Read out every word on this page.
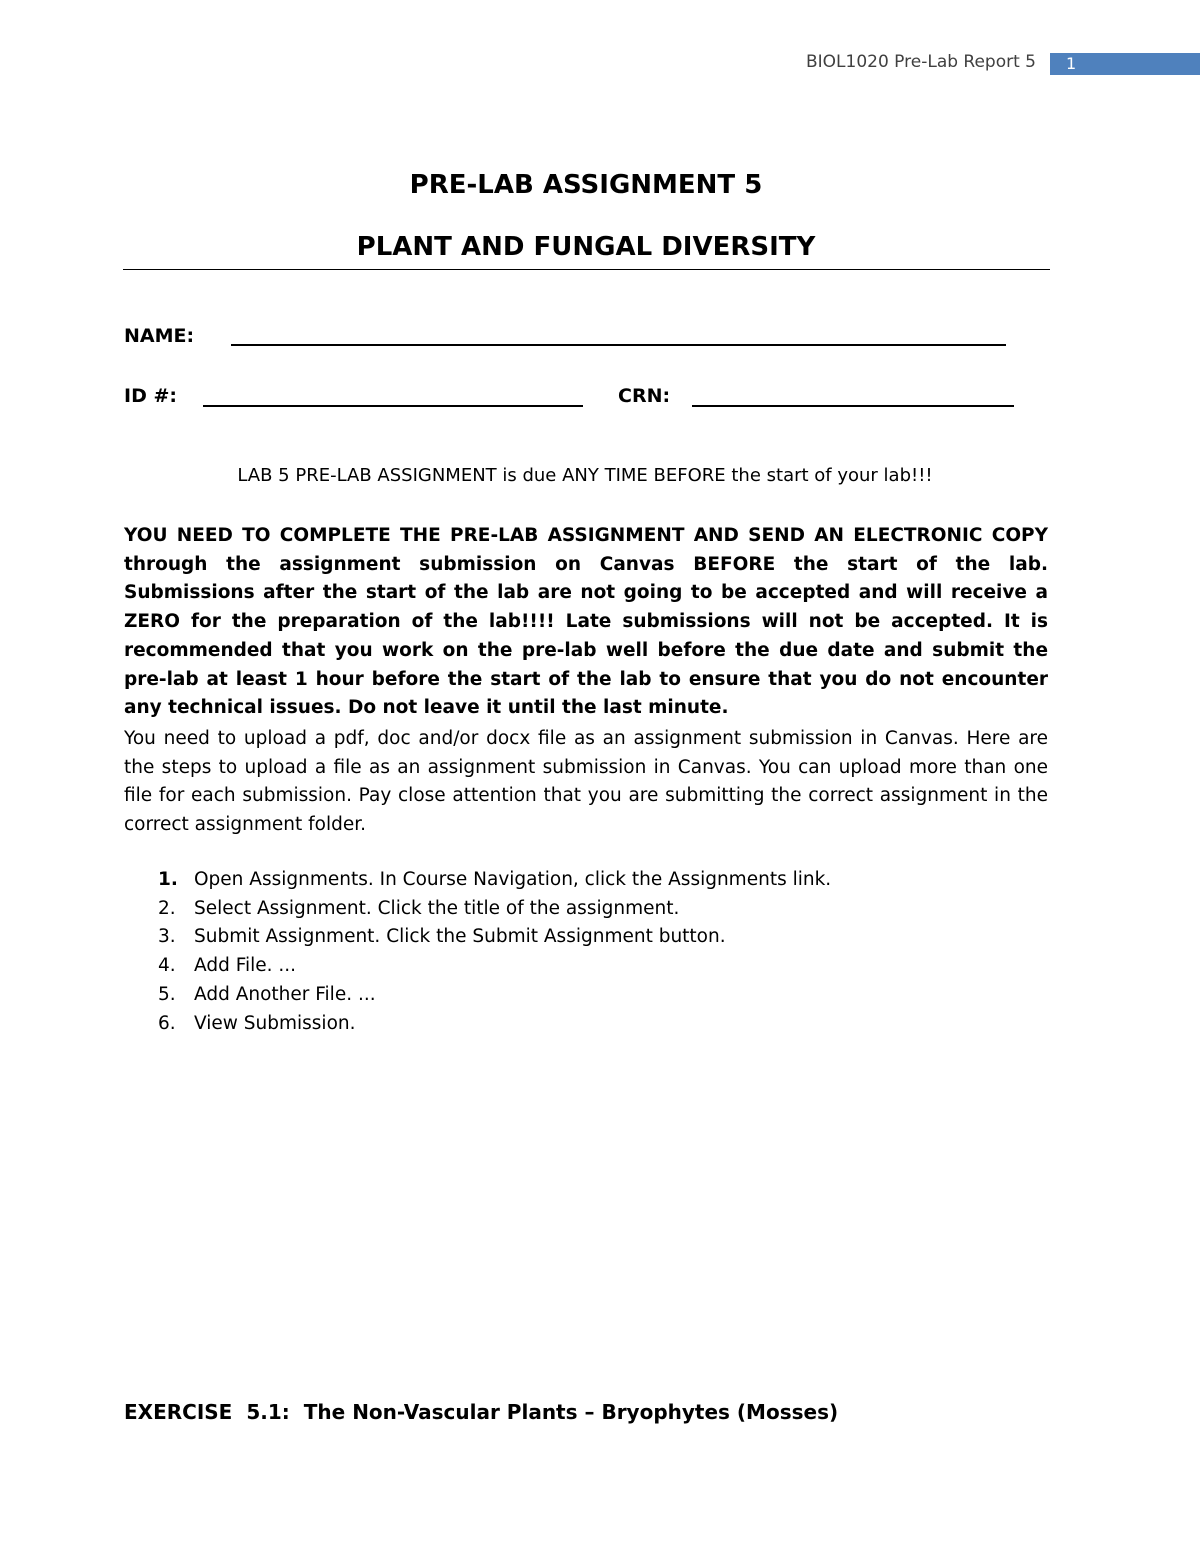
BIOL1020 Pre-Lab Report 5	1
PRE-LAB ASSIGNMENT 5
PLANT AND FUNGAL DIVERSITY
NAME:
ID #:	CRN:
LAB 5 PRE-LAB ASSIGNMENT is due ANY TIME BEFORE the start of your lab!!!
YOU NEED TO COMPLETE THE PRE-LAB ASSIGNMENT AND SEND AN ELECTRONIC COPY through the assignment submission on Canvas BEFORE the start of the lab. Submissions after the start of the lab are not going to be accepted and will receive a ZERO for the preparation of the lab!!!! Late submissions will not be accepted. It is recommended that you work on the pre-lab well before the due date and submit the pre-lab at least 1 hour before the start of the lab to ensure that you do not encounter any technical issues. Do not leave it until the last minute.
You need to upload a pdf, doc and/or docx file as an assignment submission in Canvas. Here are the steps to upload a file as an assignment submission in Canvas. You can upload more than one file for each submission. Pay close attention that you are submitting the correct assignment in the correct assignment folder.
1. Open Assignments. In Course Navigation, click the Assignments link.
2. Select Assignment. Click the title of the assignment.
3. Submit Assignment. Click the Submit Assignment button.
4. Add File. ...
5. Add Another File. ...
6. View Submission.
EXERCISE 5.1: The Non-Vascular Plants – Bryophytes (Mosses)
